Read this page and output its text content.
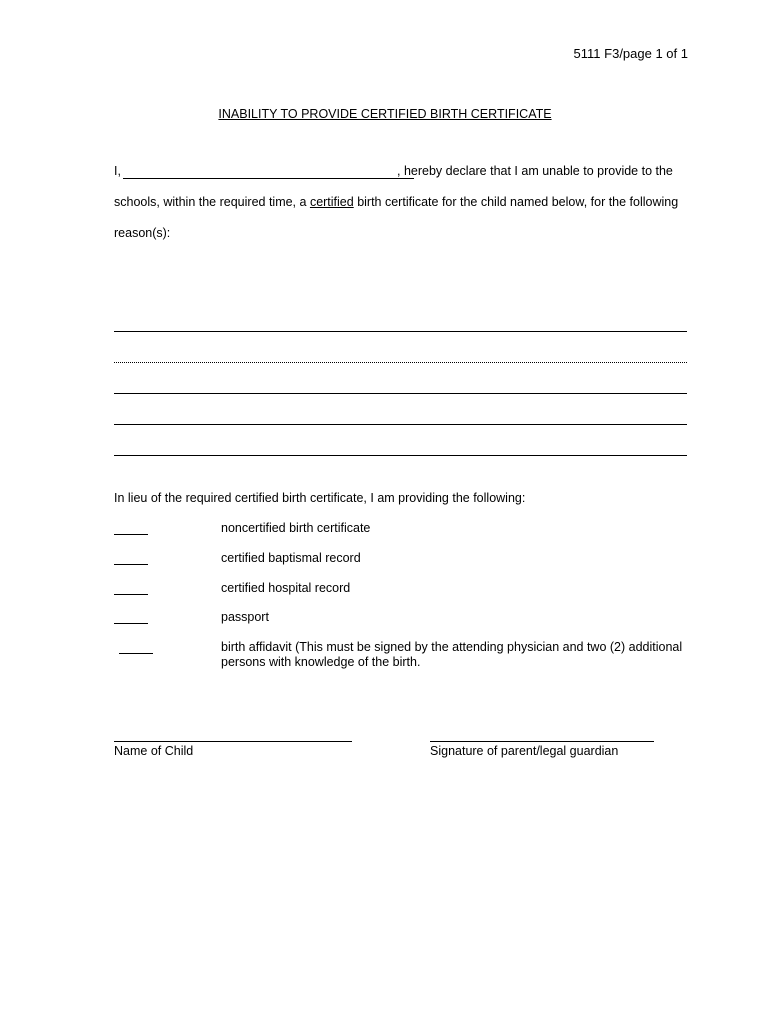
5111 F3/page 1 of 1
INABILITY TO PROVIDE CERTIFIED BIRTH CERTIFICATE
I,	, hereby declare that I am unable to provide to the
schools, within the required time, a certified birth certificate for the child named below, for the following
reason(s):
In lieu of the required certified birth certificate, I am providing the following:
noncertified birth certificate
certified baptismal record
certified hospital record
passport
birth affidavit (This must be signed by the attending physician and two (2) additional persons with knowledge of the birth.
Name of Child	Signature of parent/legal guardian
